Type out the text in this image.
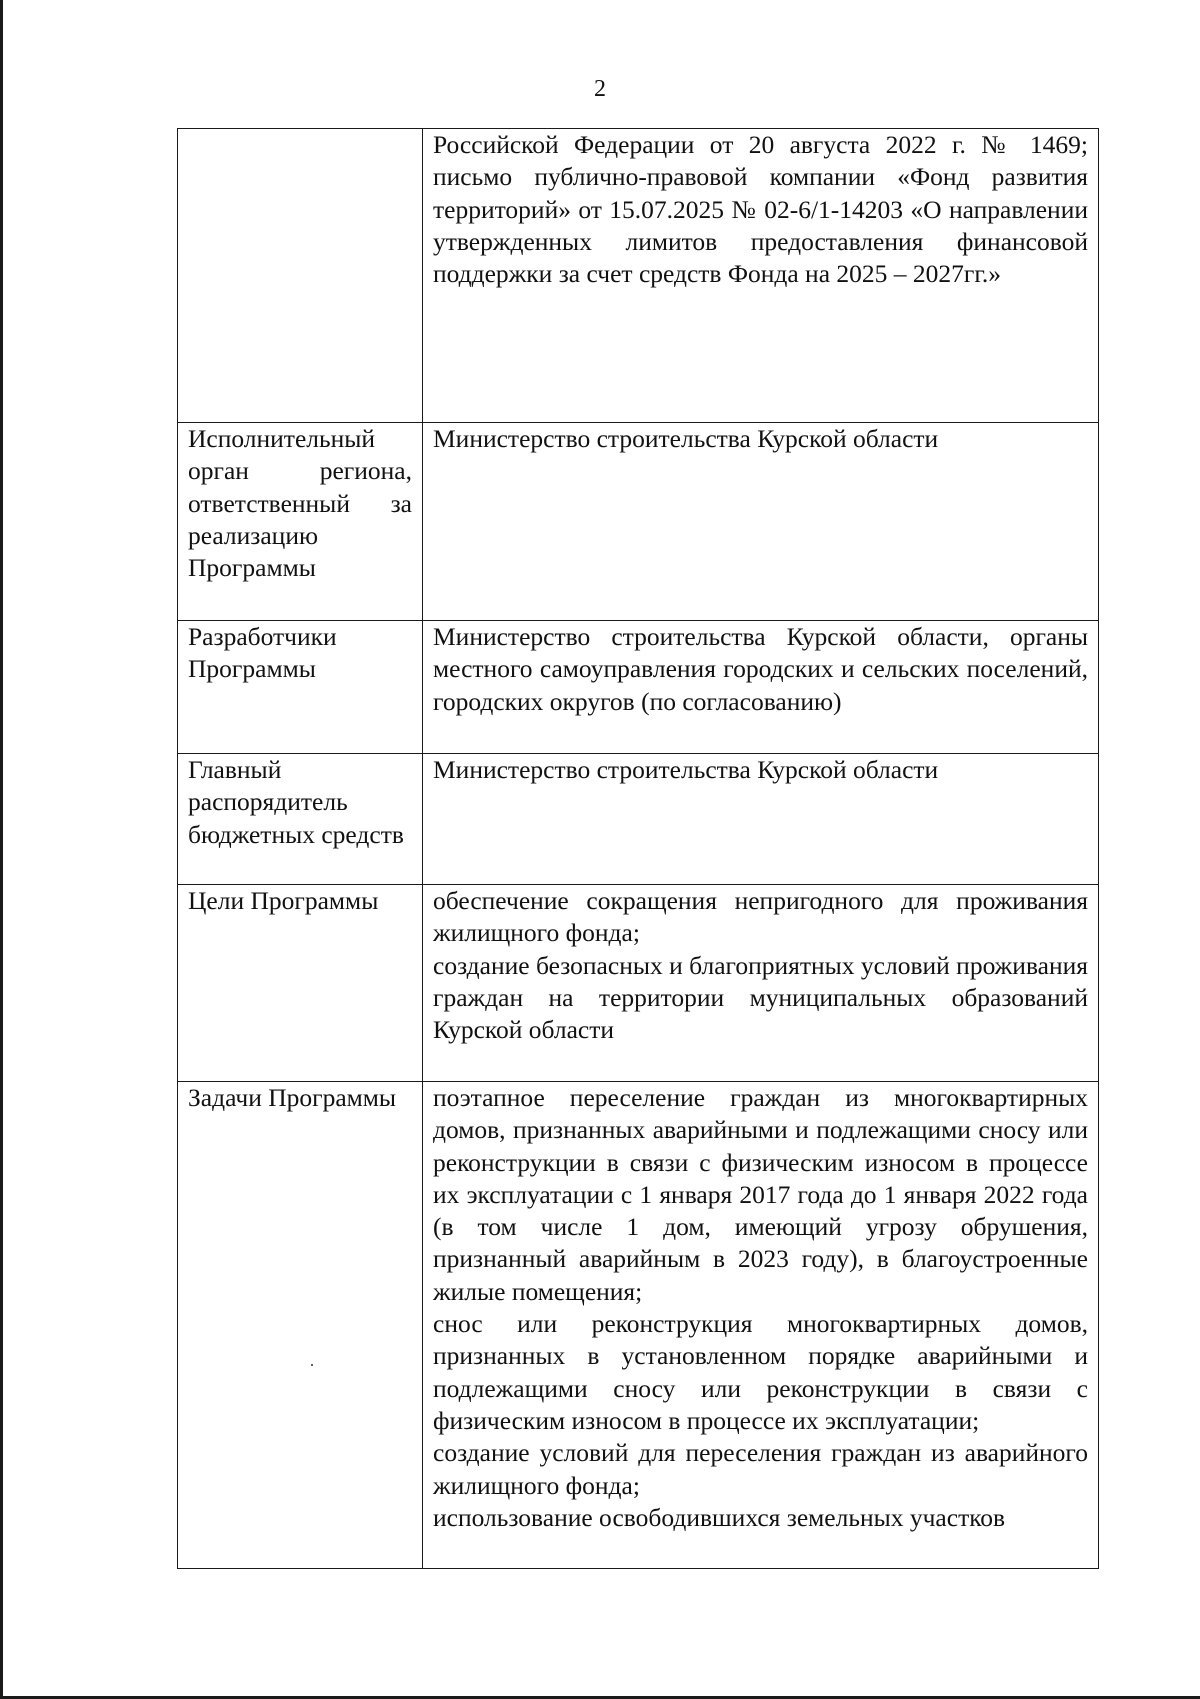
2

	Российской Федерации от 20 августа 2022 г. № 1469; письмо публично-правовой компании «Фонд развития территорий» от 15.07.2025 № 02-6/1-14203 «О направлении утвержденных лимитов предоставления финансовой поддержки за счет средств Фонда на 2025 – 2027гг.»

Исполнительный орган региона, ответственный за реализацию Программы	Министерство строительства Курской области

Разработчики Программы	Министерство строительства Курской области, органы местного самоуправления городских и сельских поселений, городских округов (по согласованию)

Главный распорядитель бюджетных средств	Министерство строительства Курской области

Цели Программы	обеспечение сокращения непригодного для проживания жилищного фонда;
создание безопасных и благоприятных условий проживания граждан на территории муниципальных образований Курской области

Задачи Программы	поэтапное переселение граждан из многоквартирных домов, признанных аварийными и подлежащими сносу или реконструкции в связи с физическим износом в процессе их эксплуатации с 1 января 2017 года до 1 января 2022 года (в том числе 1 дом, имеющий угрозу обрушения, признанный аварийным в 2023 году), в благоустроенные жилые помещения;
снос или реконструкция многоквартирных домов, признанных в установленном порядке аварийными и подлежащими сносу или реконструкции в связи с физическим износом в процессе их эксплуатации;
создание условий для переселения граждан из аварийного жилищного фонда;
использование освободившихся земельных участков
